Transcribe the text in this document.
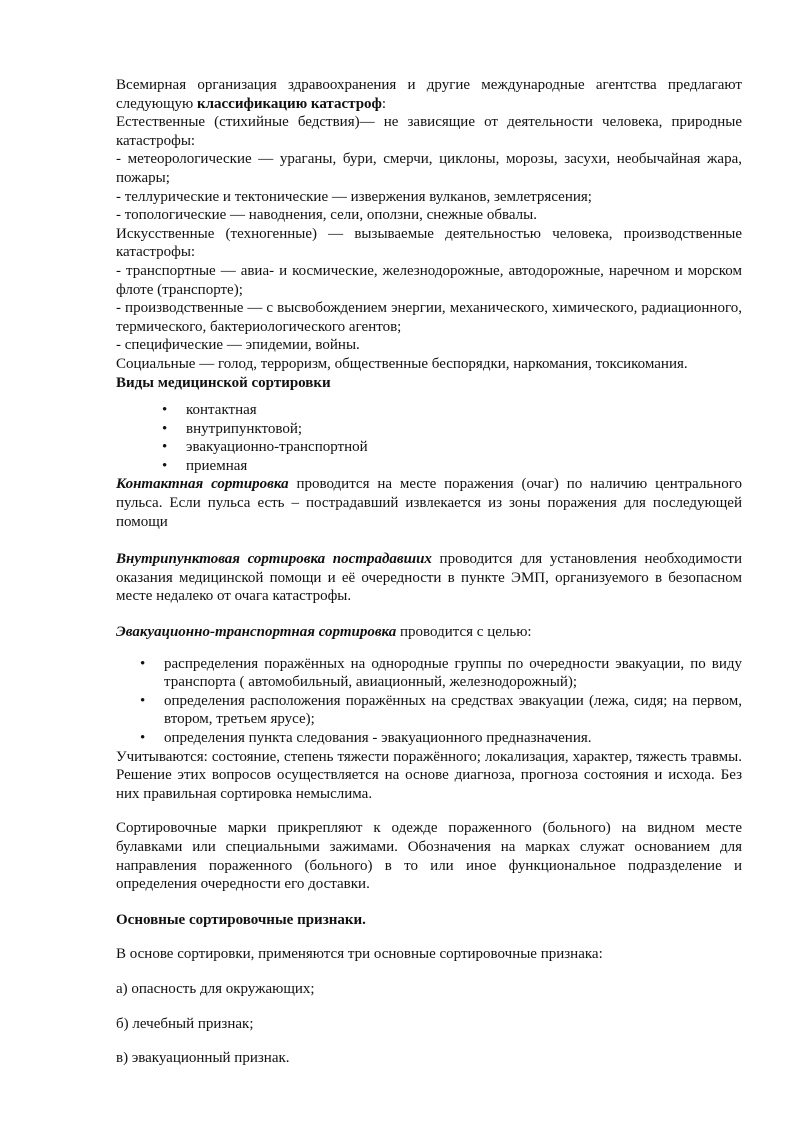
Всемирная организация здравоохранения и другие международные агентства предлагают следующую классификацию катастроф:

Естественные (стихийные бедствия)— не зависящие от деятельности человека, природные катастрофы:

- метеорологические — ураганы, бури, смерчи, циклоны, морозы, засухи, необычайная жара, пожары;

- теллурические и тектонические — извержения вулканов, землетрясения;

- топологические — наводнения, сели, оползни, снежные обвалы.

Искусственные (техногенные) — вызываемые деятельностью человека, производственные катастрофы:

- транспортные — авиа- и космические, железнодорожные, автодорожные, наречном и морском флоте (транспорте);

- производственные — с высвобождением энергии, механического, химического, радиационного, термического, бактериологического агентов;

- специфические — эпидемии, войны.

Социальные — голод, терроризм, общественные беспорядки, наркомания, токсикомания.

Виды медицинской сортировки

• контактная
• внутрипунктовой;
• эвакуационно-транспортной
• приемная

Контактная сортировка проводится на месте поражения (очаг) по наличию центрального пульса. Если пульса есть – пострадавший извлекается из зоны поражения для последующей помощи

Внутрипунктовая сортировка пострадавших проводится для установления необходимости оказания медицинской помощи и её очередности в пункте ЭМП, организуемого в безопасном месте недалеко от очага катастрофы.

Эвакуационно-транспортная сортировка проводится с целью:

• распределения поражённых на однородные группы по очередности эвакуации, по виду транспорта ( автомобильный, авиационный, железнодорожный);
• определения расположения поражённых на средствах эвакуации (лежа, сидя; на первом, втором, третьем ярусе);
• определения пункта следования - эвакуационного предназначения.

Учитываются: состояние, степень тяжести поражённого; локализация, характер, тяжесть травмы. Решение этих вопросов осуществляется на основе диагноза, прогноза состояния и исхода. Без них правильная сортировка немыслима.

Сортировочные марки прикрепляют к одежде пораженного (больного) на видном месте булавками или специальными зажимами. Обозначения на марках служат основанием для направления пораженного (больного) в то или иное функциональное подразделение и определения очередности его доставки.

Основные сортировочные признаки.

В основе сортировки, применяются три основные сортировочные признака:

а) опасность для окружающих;

б) лечебный признак;

в) эвакуационный признак.
